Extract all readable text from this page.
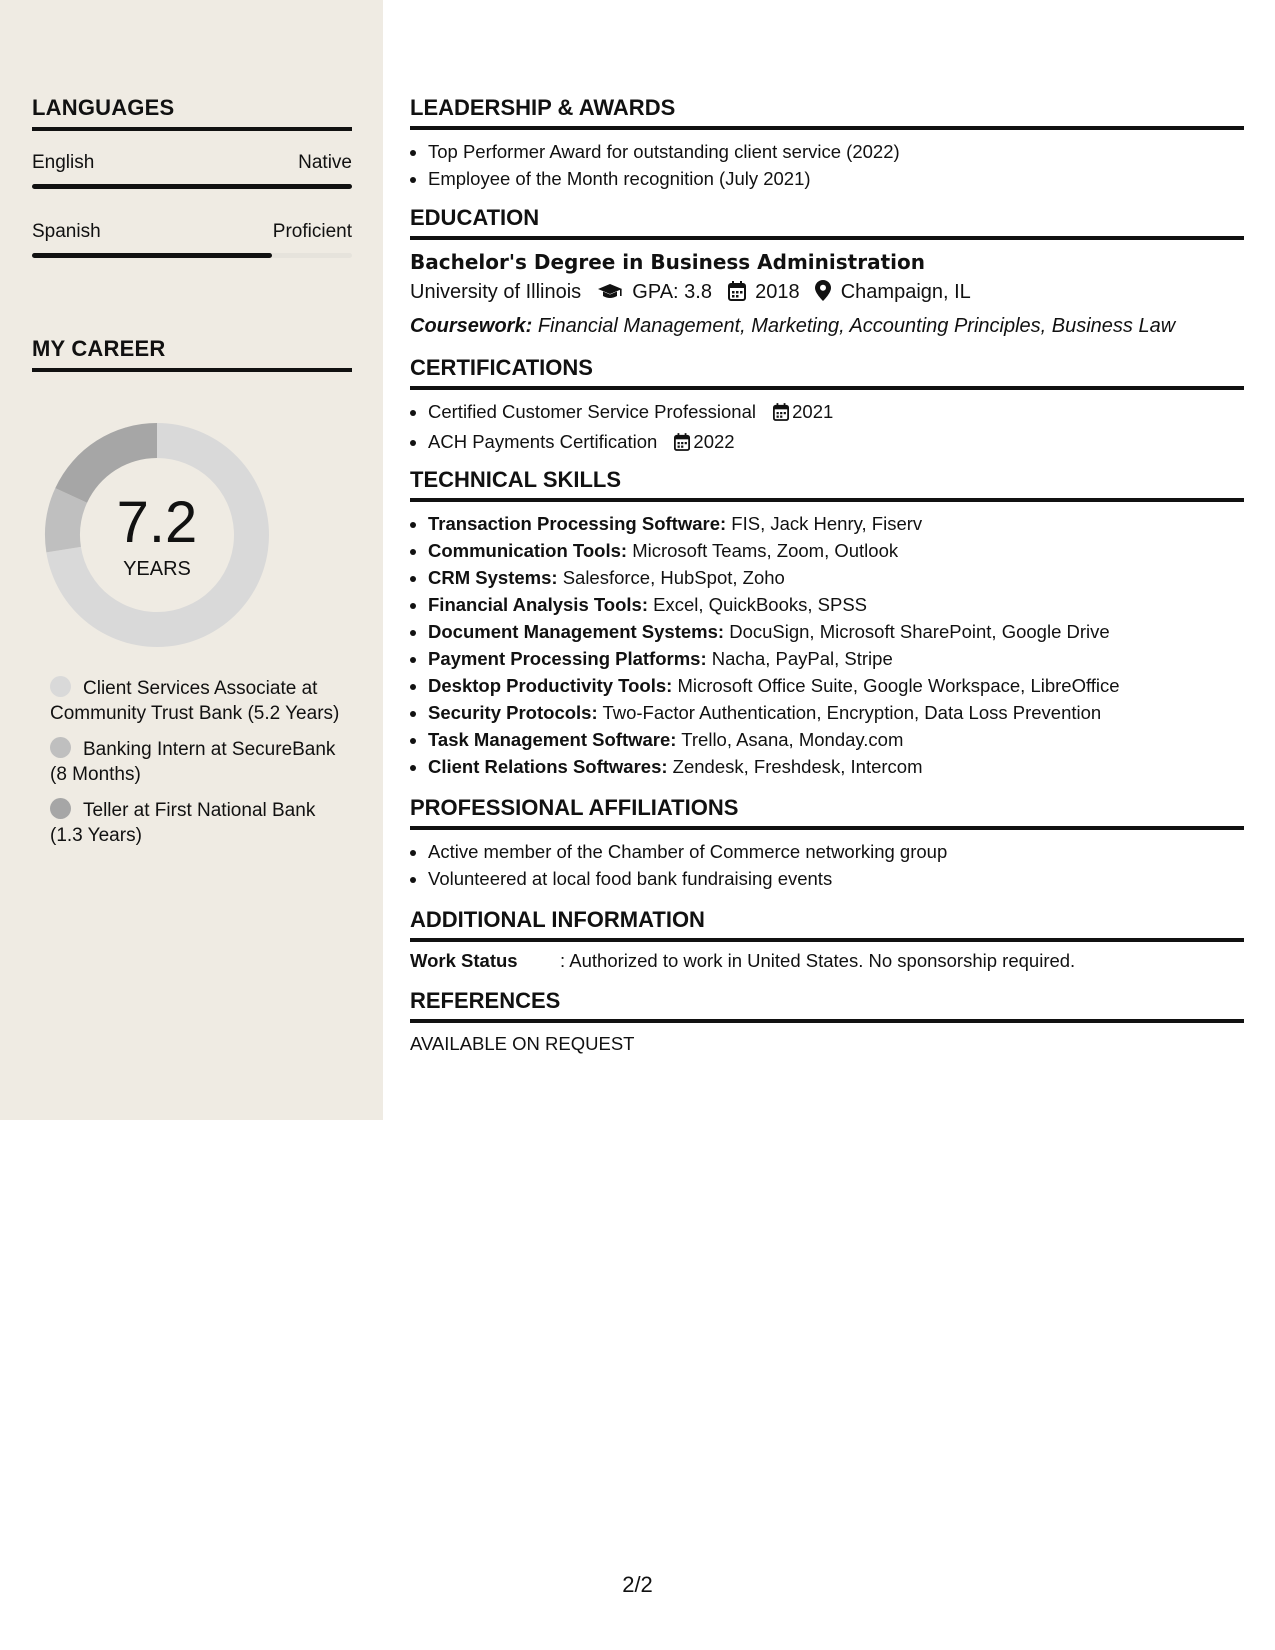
LANGUAGES
English	Native
Spanish	Proficient
MY CAREER
7.2
YEARS
Client Services Associate at Community Trust Bank (5.2 Years)
Banking Intern at SecureBank (8 Months)
Teller at First National Bank (1.3 Years)
LEADERSHIP & AWARDS
• Top Performer Award for outstanding client service (2022)
• Employee of the Month recognition (July 2021)
EDUCATION
Bachelor's Degree in Business Administration
University of Illinois	GPA: 3.8 2018 Champaign, IL
Coursework: Financial Management, Marketing, Accounting Principles, Business Law
CERTIFICATIONS
• Certified Customer Service Professional 2021
• ACH Payments Certification 2022
TECHNICAL SKILLS
• Transaction Processing Software: FIS, Jack Henry, Fiserv
• Communication Tools: Microsoft Teams, Zoom, Outlook
• CRM Systems: Salesforce, HubSpot, Zoho
• Financial Analysis Tools: Excel, QuickBooks, SPSS
• Document Management Systems: DocuSign, Microsoft SharePoint, Google Drive
• Payment Processing Platforms: Nacha, PayPal, Stripe
• Desktop Productivity Tools: Microsoft Office Suite, Google Workspace, LibreOffice
• Security Protocols: Two-Factor Authentication, Encryption, Data Loss Prevention
• Task Management Software: Trello, Asana, Monday.com
• Client Relations Softwares: Zendesk, Freshdesk, Intercom
PROFESSIONAL AFFILIATIONS
• Active member of the Chamber of Commerce networking group
• Volunteered at local food bank fundraising events
ADDITIONAL INFORMATION
Work Status	: Authorized to work in United States. No sponsorship required.
REFERENCES
AVAILABLE ON REQUEST
2/2
